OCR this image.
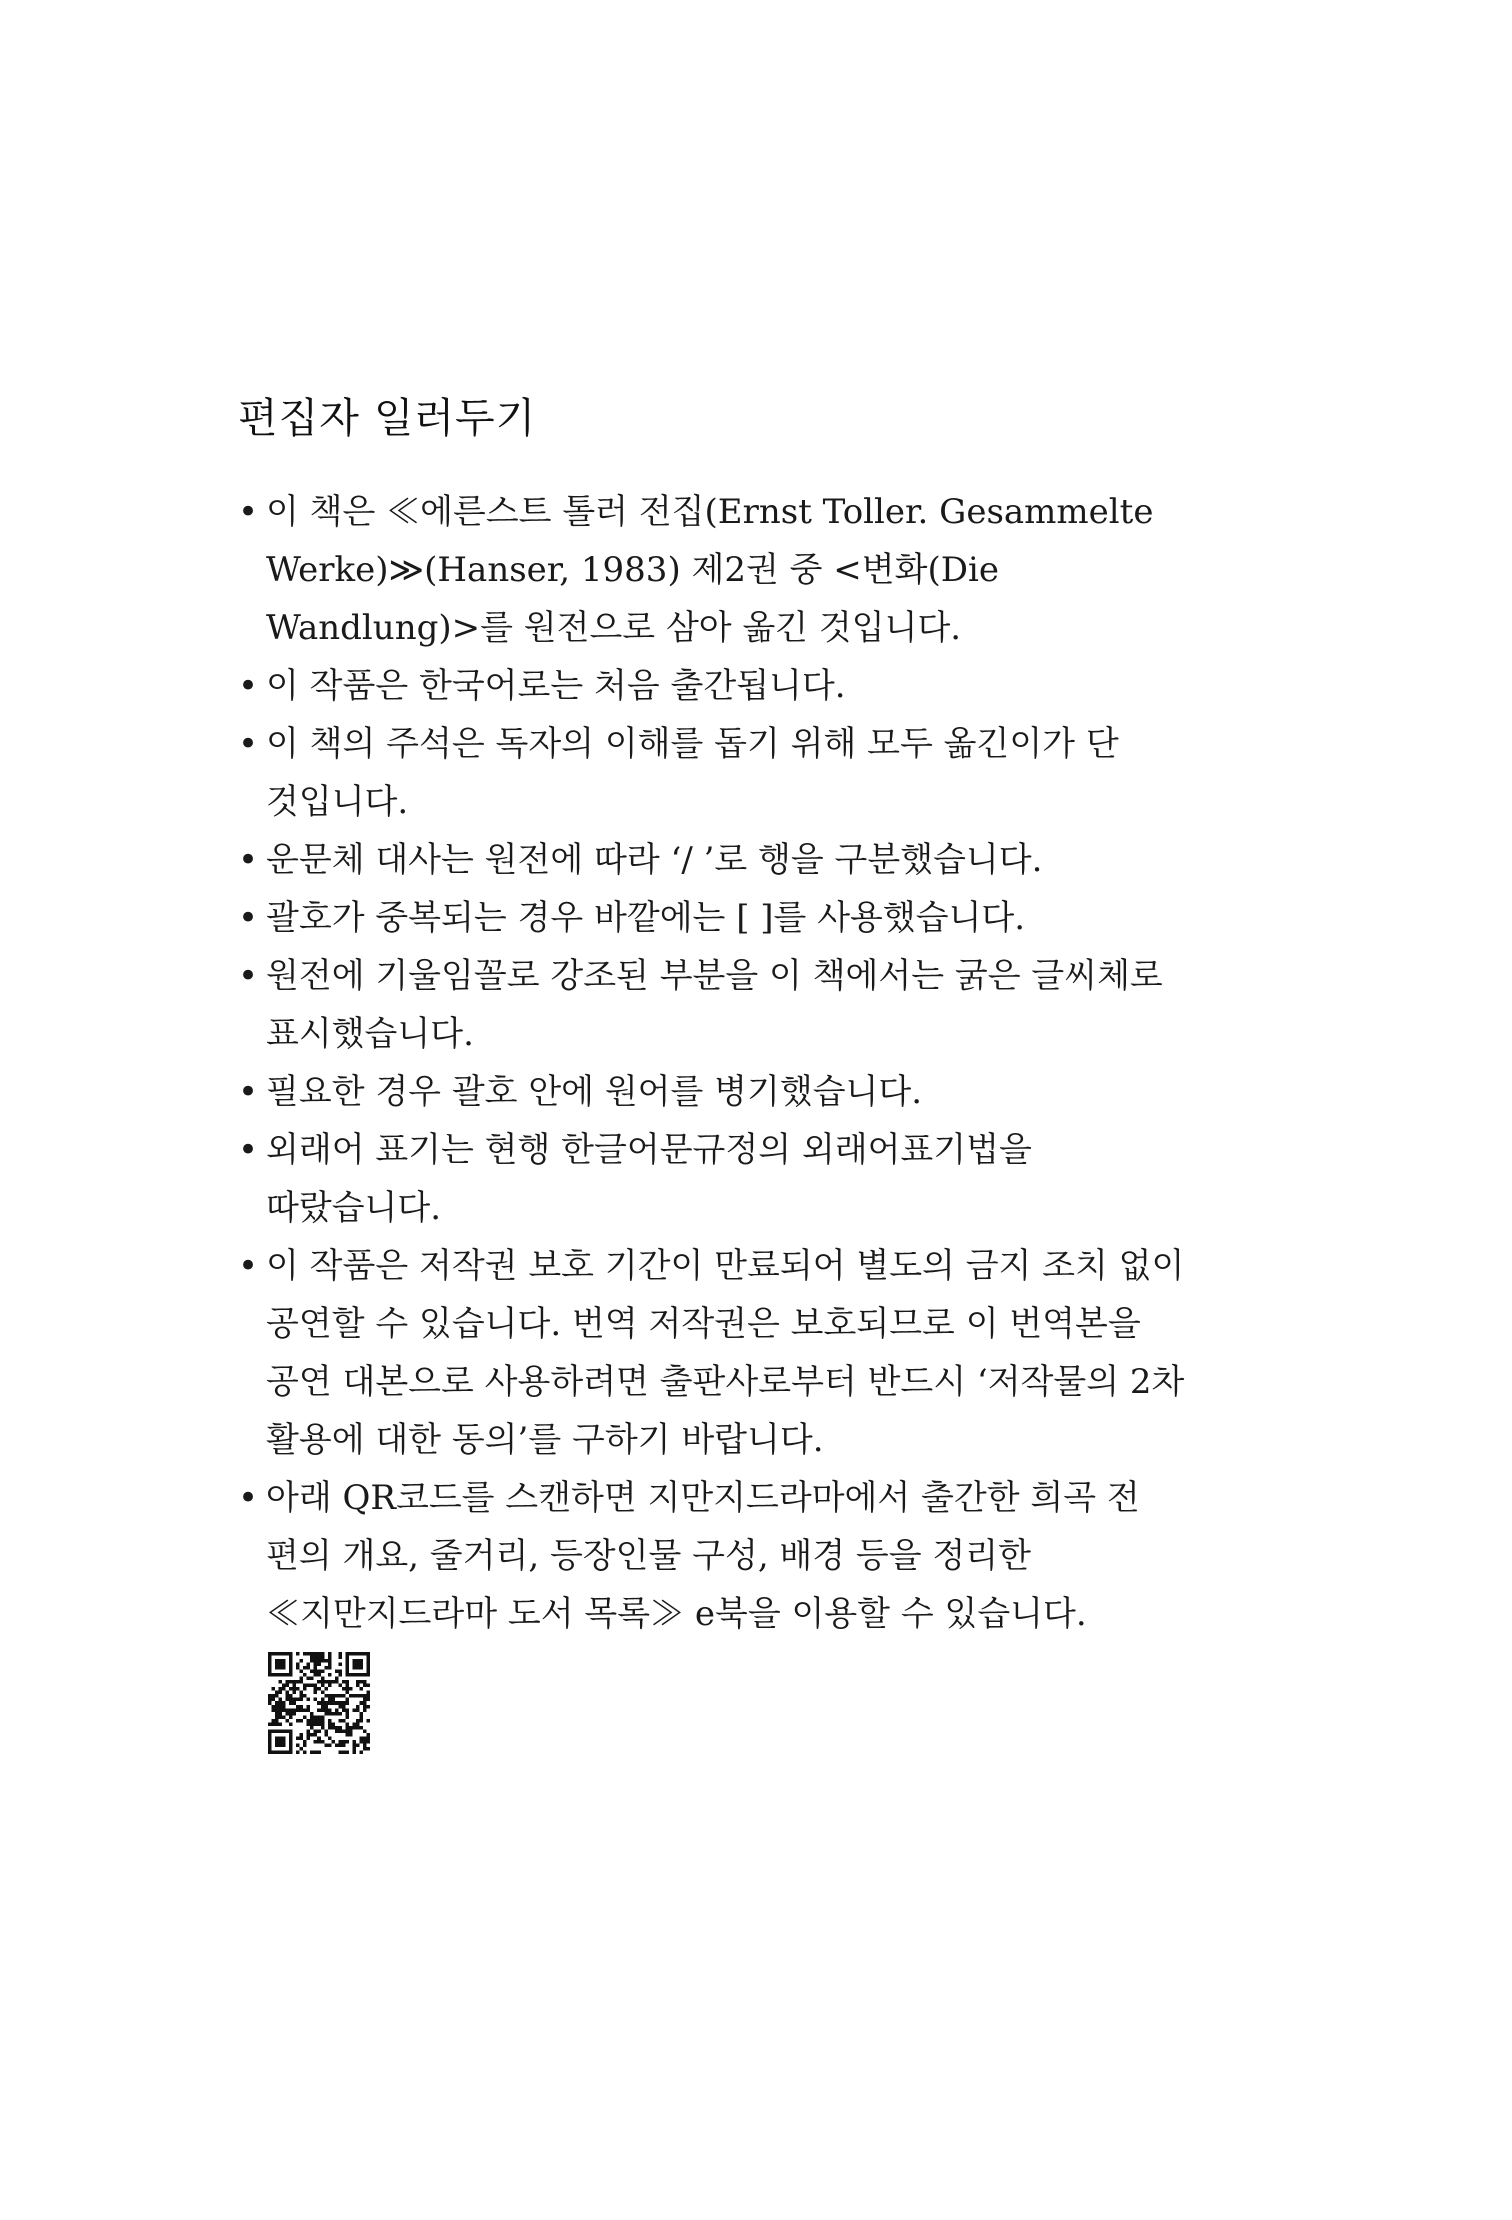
편집자 일러두기
• 이 책은 ≪에른스트 톨러 전집(Ernst Toller. Gesammelte
Werke)≫(Hanser, 1983) 제2권 중 <변화(Die
Wandlung)>를 원전으로 삼아 옮긴 것입니다.
• 이 작품은 한국어로는 처음 출간됩니다.
• 이 책의 주석은 독자의 이해를 돕기 위해 모두 옮긴이가 단
것입니다.
• 운문체 대사는 원전에 따라 ‘/ ’로 행을 구분했습니다.
• 괄호가 중복되는 경우 바깥에는 [ ]를 사용했습니다.
• 원전에 기울임꼴로 강조된 부분을 이 책에서는 굵은 글씨체로
표시했습니다.
• 필요한 경우 괄호 안에 원어를 병기했습니다.
• 외래어 표기는 현행 한글어문규정의 외래어표기법을
따랐습니다.
• 이 작품은 저작권 보호 기간이 만료되어 별도의 금지 조치 없이
공연할 수 있습니다. 번역 저작권은 보호되므로 이 번역본을
공연 대본으로 사용하려면 출판사로부터 반드시 ‘저작물의 2차
활용에 대한 동의’를 구하기 바랍니다.
• 아래 QR코드를 스캔하면 지만지드라마에서 출간한 희곡 전
편의 개요, 줄거리, 등장인물 구성, 배경 등을 정리한
≪지만지드라마 도서 목록≫ e북을 이용할 수 있습니다.
